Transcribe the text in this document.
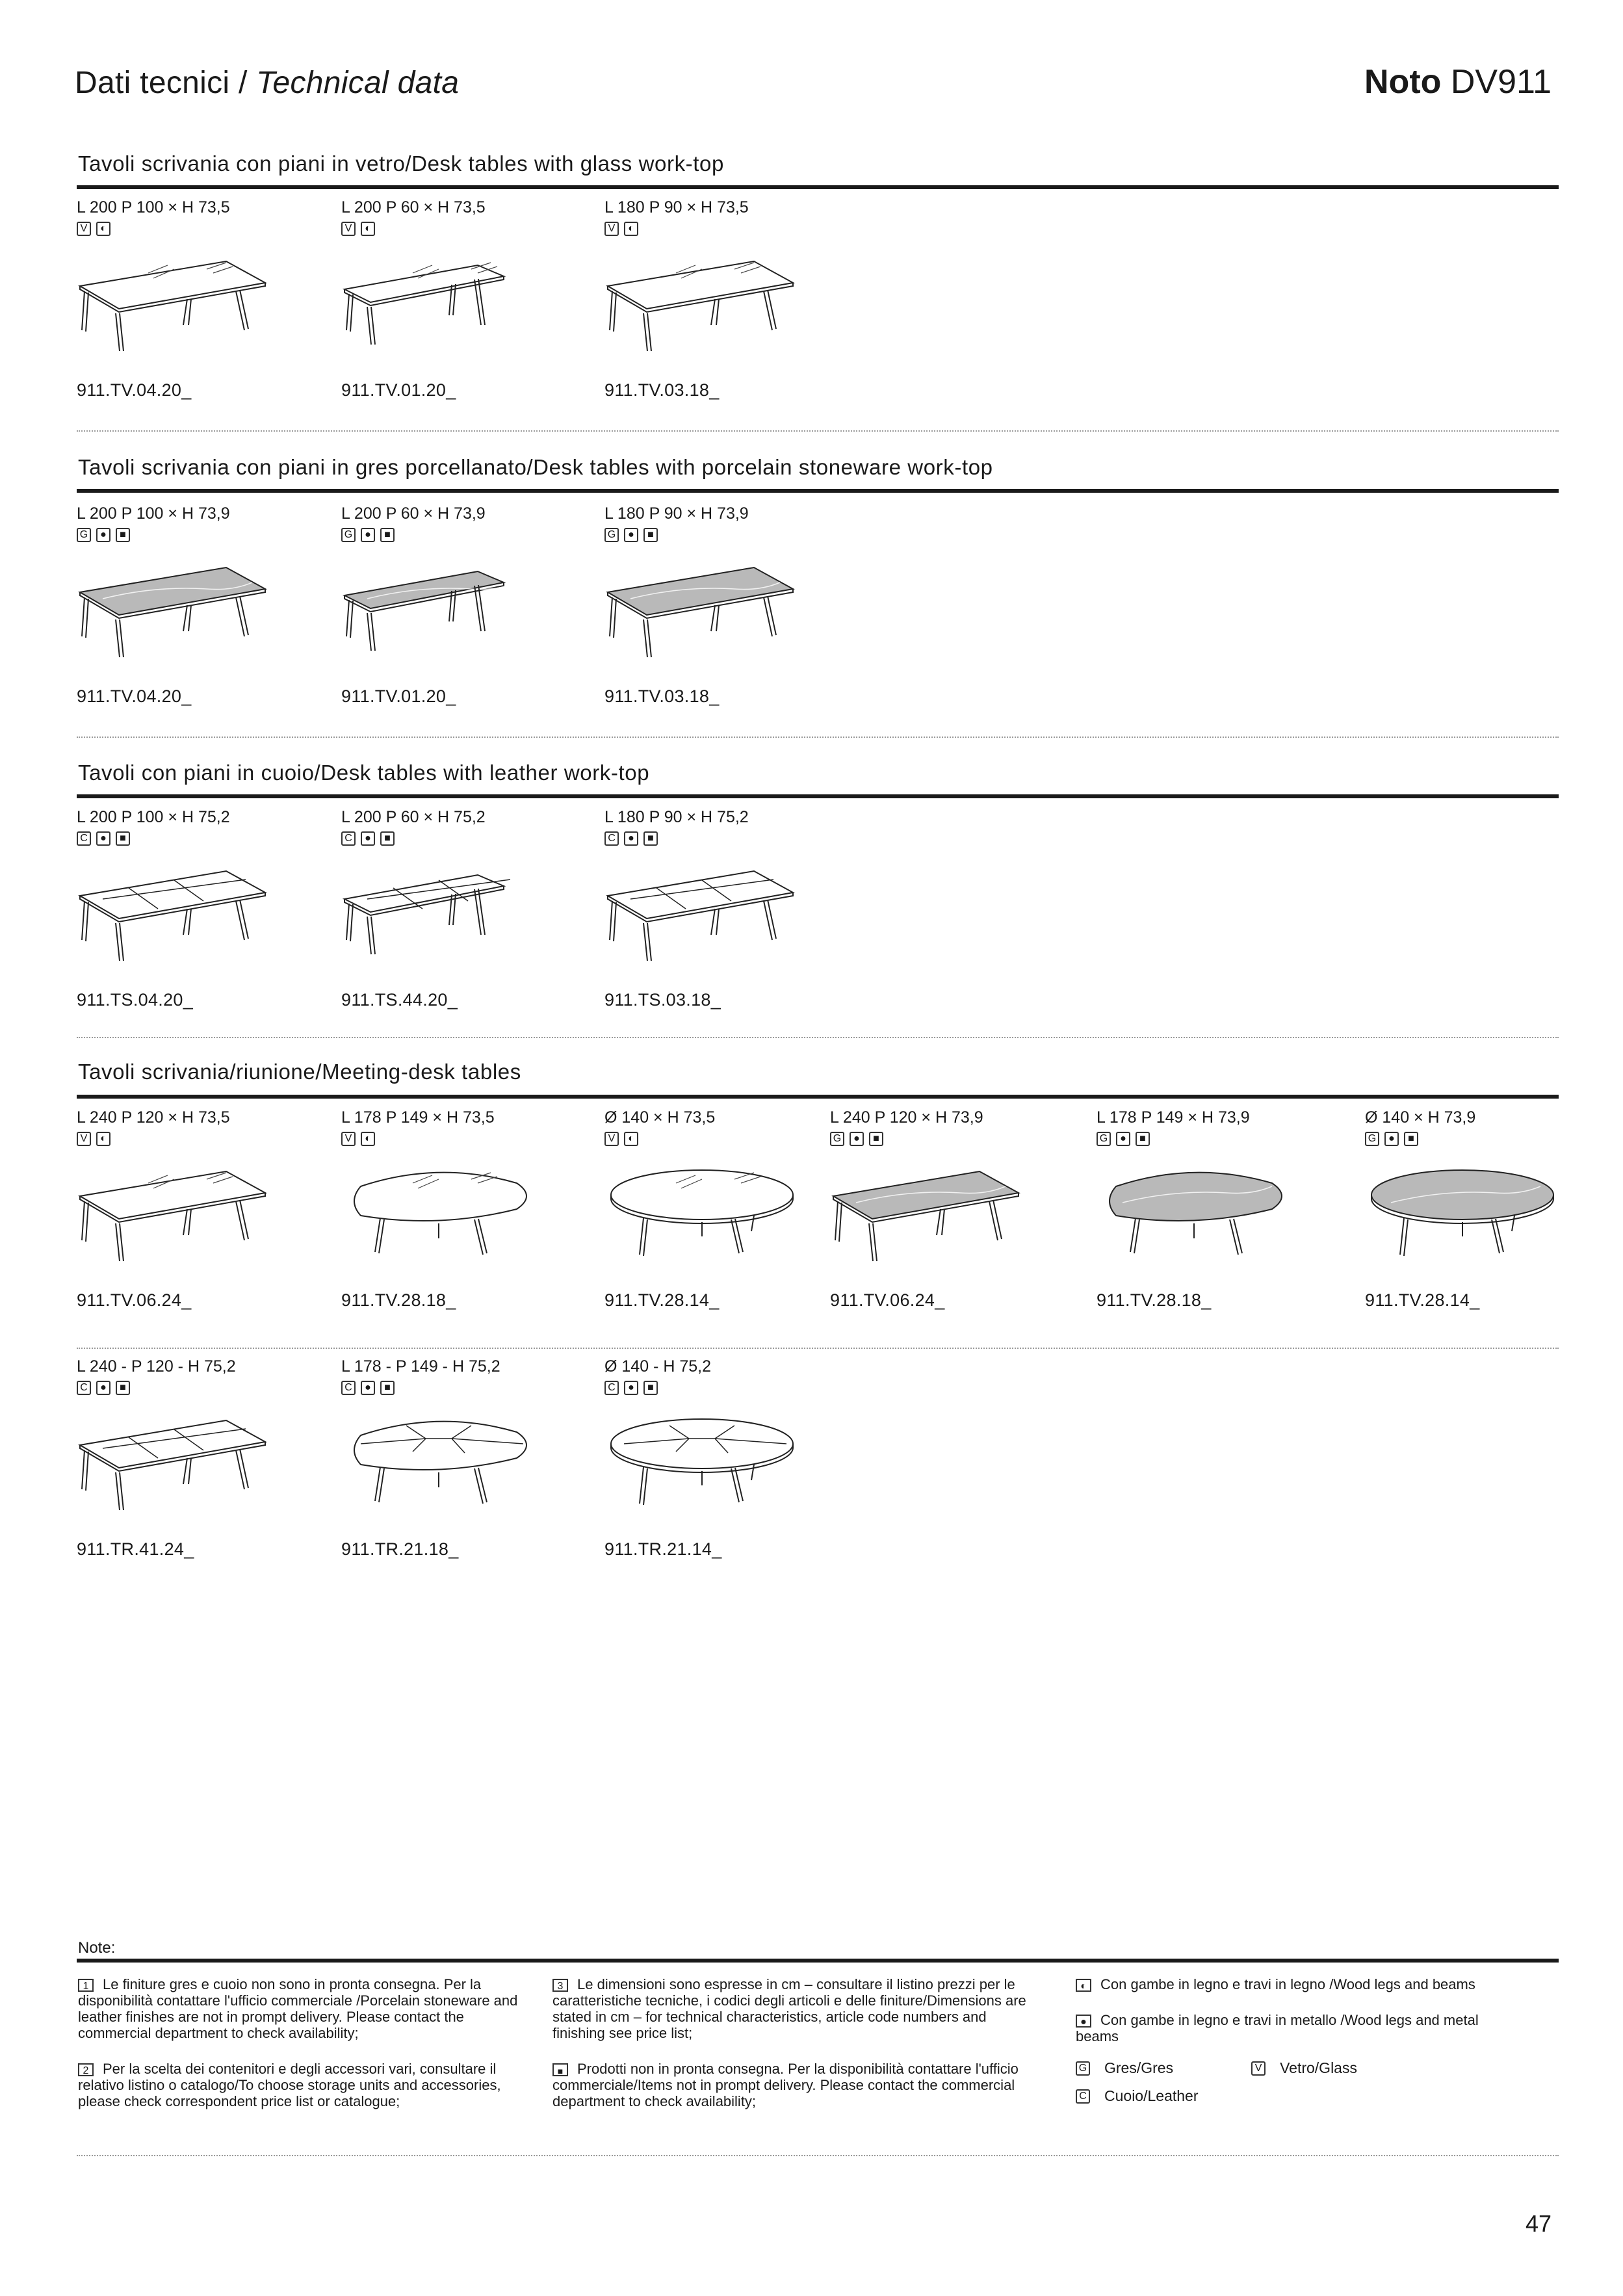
Dati tecnici / Technical data	Noto DV911
Tavoli scrivania con piani in vetro/Desk tables with glass work-top
L 200 P 100 × H 73,5
V	◐
911.TV.04.20_
L 200 P 60 × H 73,5
V	◐
911.TV.01.20_
L 180 P 90 × H 73,5
V	◐
911.TV.03.18_
Tavoli scrivania con piani in gres porcellanato/Desk tables with porcelain stoneware work-top
L 200 P 100 × H 73,9
G	●	■
911.TV.04.20_
L 200 P 60 × H 73,9
G	●	■
911.TV.01.20_
L 180 P 90 × H 73,9
G	●	■
911.TV.03.18_
Tavoli con piani in cuoio/Desk tables with leather work-top
L 200 P 100 × H 75,2
C	●	■
911.TS.04.20_
L 200 P 60 × H 75,2
C	●	■
911.TS.44.20_
L 180 P 90 × H 75,2
C	●	■
911.TS.03.18_
Tavoli scrivania/riunione/Meeting-desk tables
L 240 P 120 × H 73,5
V	◐
911.TV.06.24_
L 178 P 149 × H 73,5
V	◐
911.TV.28.18_
Ø 140 × H 73,5
V	◐
911.TV.28.14_
L 240 P 120 × H 73,9
G	●	■
911.TV.06.24_
L 178 P 149 × H 73,9
G	●	■
911.TV.28.18_
Ø 140 × H 73,9
G	●	■
911.TV.28.14_
L 240 - P 120 - H 75,2
C	●	■
911.TR.41.24_
L 178 - P 149 - H 75,2
C	●	■
911.TR.21.18_
Ø 140 - H 75,2
C	●	■
911.TR.21.14_
Note:

1 Le finiture gres e cuoio non sono in pronta consegna. Per la disponibilità contattare l'ufficio commerciale /Porcelain stoneware and leather finishes are not in prompt delivery. Please contact the commercial department to check availability;

2 Per la scelta dei contenitori e degli accessori vari, consultare il relativo listino o catalogo/To choose storage units and accessories, please check correspondent price list or catalogue;

3 Le dimensioni sono espresse in cm – consultare il listino prezzi per le caratteristiche tecniche, i codici degli articoli e delle finiture/Dimensions are stated in cm – for technical characteristics, article code numbers and finishing see price list;

■ Prodotti non in pronta consegna. Per la disponibilità contattare l'ufficio commerciale/Items not in prompt delivery. Please contact the commercial department to check availability;

◐ Con gambe in legno e travi in legno /Wood legs and beams

● Con gambe in legno e travi in metallo /Wood legs and metal beams

G Gres/Gres	V Vetro/Glass
C Cuoio/Leather
47
